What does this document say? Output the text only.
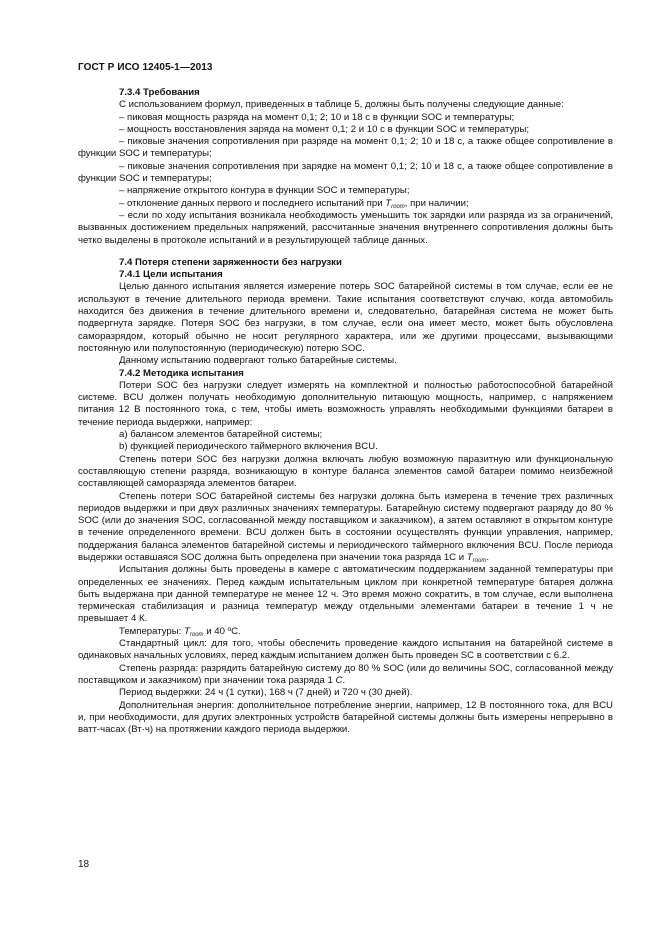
ГОСТ Р ИСО 12405-1—2013

7.3.4 Требования

С использованием формул, приведенных в таблице 5, должны быть получены следующие данные:

– пиковая мощность разряда на момент 0,1; 2; 10 и 18 с в функции SOC и температуры;

– мощность восстановления заряда на момент 0,1; 2 и 10 с в функции SOC и температуры;

– пиковые значения сопротивления при разряде на момент 0,1; 2; 10 и 18 с, а также общее сопротивление в функции SOC и температуры;

– пиковые значения сопротивления при зарядке на момент 0,1; 2; 10 и 18 с, а также общее сопротивление в функции SOC и температуры;

– напряжение открытого контура в функции SOC и температуры;

– отклонение данных первого и последнего испытаний при $T_{room}$, при наличии;

– если по ходу испытания возникала необходимость уменьшить ток зарядки или разряда из за ограничений, вызванных достижением предельных напряжений, рассчитанные значения внутреннего сопротивления должны быть четко выделены в протоколе испытаний и в результирующей таблице данных.

7.4 Потеря степени заряженности без нагрузки

7.4.1 Цели испытания

Целью данного испытания является измерение потерь SOC батарейной системы в том случае, если ее не используют в течение длительного периода времени. Такие испытания соответствуют случаю, когда автомобиль находится без движения в течение длительного времени и, следовательно, батарейная система не может быть подвергнута зарядке. Потеря SOC без нагрузки, в том случае, если она имеет место, может быть обусловлена саморазрядом, который обычно не носит регулярного характера, или же другими процессами, вызывающими постоянную или полупостоянную (периодическую) потерю SOC.

Данному испытанию подвергают только батарейные системы.

7.4.2 Методика испытания

Потери SOC без нагрузки следует измерять на комплектной и полностью работоспособной батарейной системе. BCU должен получать необходимую дополнительную питающую мощность, например, с напряжением питания 12 В постоянного тока, с тем, чтобы иметь возможность управлять необходимыми функциями батареи в течение периода выдержки, например:

а) балансом элементов батарейной системы;

b) функцией периодического таймерного включения BCU.

Степень потери SOC без нагрузки должна включать любую возможную паразитную или функциональную составляющую степени разряда, возникающую в контуре баланса элементов самой батареи помимо неизбежной составляющей саморазряда элементов батареи.

Степень потери SOC батарейной системы без нагрузки должна быть измерена в течение трех различных периодов выдержки и при двух различных значениях температуры. Батарейную систему подвергают разряду до 80 % SOC (или до значения SOC, согласованной между поставщиком и заказчиком), а затем оставляют в открытом контуре в течение определенного времени. BCU должен быть в состоянии осуществлять функции управления, например, поддержания баланса элементов батарейной системы и периодического таймерного включения BCU. После периода выдержки оставшаяся SOC должна быть определена при значении тока разряда 1C и $T_{room}$.

Испытания должны быть проведены в камере с автоматическим поддержанием заданной температуры при определенных ее значениях. Перед каждым испытательным циклом при конкретной температуре батарея должна быть выдержана при данной температуре не менее 12 ч. Это время можно сократить, в том случае, если выполнена термическая стабилизация и разница температур между отдельными элементами батареи в течение 1 ч не превышает 4 К.

Температуры: $T_{room}$ и 40 ºС.

Стандартный цикл: для того, чтобы обеспечить проведение каждого испытания на батарейной системе в одинаковых начальных условиях, перед каждым испытанием должен быть проведен SC в соответствии с 6.2.

Степень разряда: разрядить батарейную систему до 80 % SOC (или до величины SOC, согласованной между поставщиком и заказчиком) при значении тока разряда 1 С.

Период выдержки: 24 ч (1 сутки), 168 ч (7 дней) и 720 ч (30 дней).

Дополнительная энергия: дополнительное потребление энергии, например, 12 В постоянного тока, для BCU и, при необходимости, для других электронных устройств батарейной системы должны быть измерены непрерывно в ватт-часах (Вт·ч) на протяжении каждого периода выдержки.

18
